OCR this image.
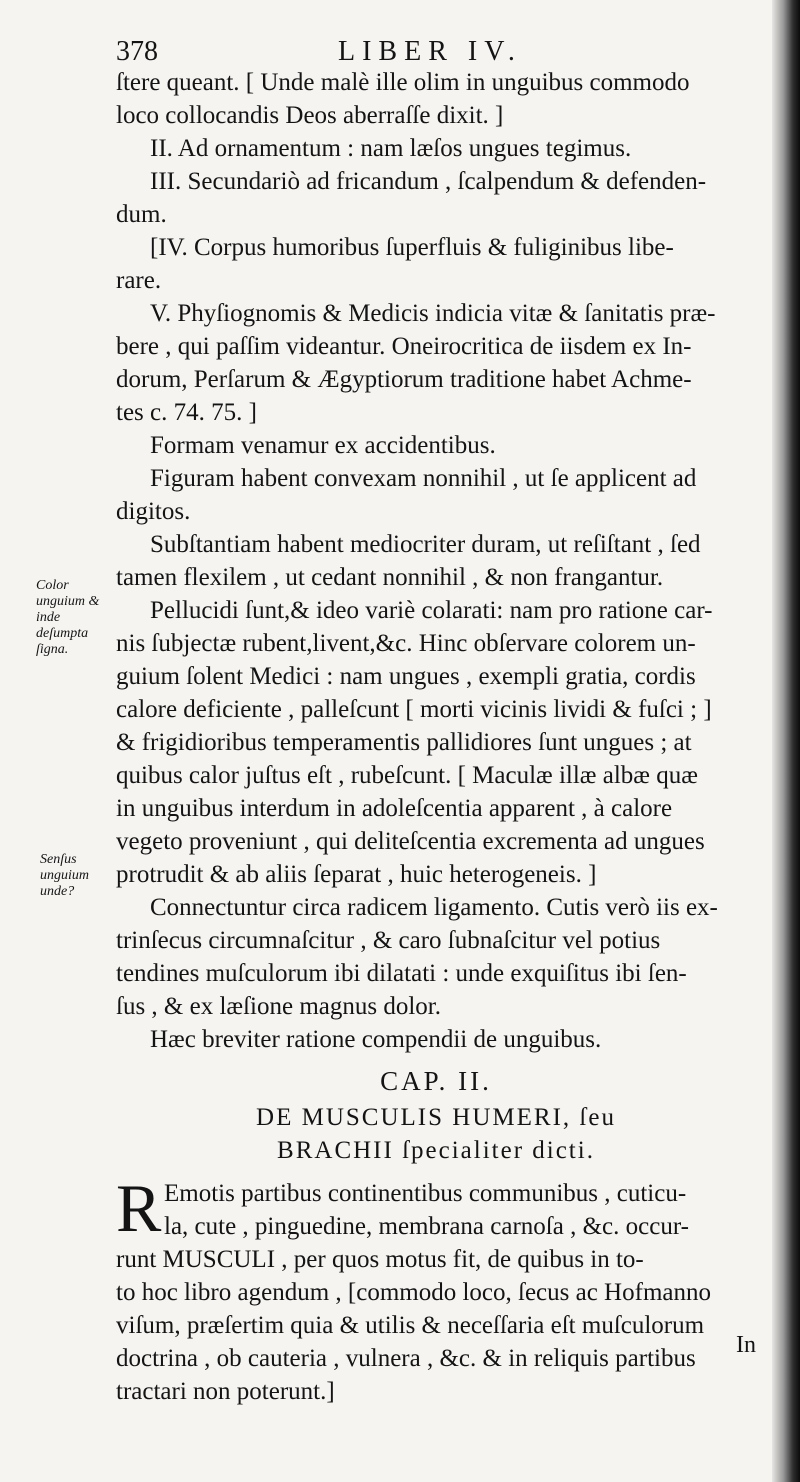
378	LIBER IV.
Color unguium & inde deſumpta ſigna.
Senſus unguium unde?
ſtere queant. [ Unde malè ille olim in unguibus commodo
loco collocandis Deos aberraſſe dixit. ]
II. Ad ornamentum : nam læſos ungues tegimus.
III. Secundariò ad fricandum , ſcalpendum & defenden-
dum.
[IV. Corpus humoribus ſuperfluis & fuliginibus libe-
rare.
V. Phyſiognomis & Medicis indicia vitæ & ſanitatis præ-
bere , qui paſſim videantur. Oneirocritica de iisdem ex In-
dorum, Perſarum & Ægyptiorum traditione habet Achme-
tes c. 74. 75. ]
Formam venamur ex accidentibus.
Figuram habent convexam nonnihil , ut ſe applicent ad
digitos.
Subſtantiam habent mediocriter duram, ut reſiſtant , ſed
tamen flexilem , ut cedant nonnihil , & non frangantur.
Pellucidi ſunt,& ideo variè colarati: nam pro ratione car-
nis ſubjectæ rubent,livent,&c. Hinc obſervare colorem un-
guium ſolent Medici : nam ungues , exempli gratia, cordis
calore deficiente , palleſcunt [ morti vicinis lividi & fuſci ; ]
& frigidioribus temperamentis pallidiores ſunt ungues ; at
quibus calor juſtus eſt , rubeſcunt. [ Maculæ illæ albæ quæ
in unguibus interdum in adoleſcentia apparent , à calore
vegeto proveniunt , qui deliteſcentia excrementa ad ungues
protrudit & ab aliis ſeparat , huic heterogeneis. ]
Connectuntur circa radicem ligamento. Cutis verò iis ex-
trinſecus circumnaſcitur , & caro ſubnaſcitur vel potius
tendines muſculorum ibi dilatati : unde exquiſitus ibi ſen-
ſus , & ex læſione magnus dolor.
Hæc breviter ratione compendii de unguibus.
CAP. II.
DE MUSCULIS HUMERI, ſeu
BRACHII ſpecialiter dicti.
R Emotis partibus continentibus communibus , cuticu-
la, cute , pinguedine, membrana carnoſa , &c. occur-
runt MUSCULI , per quos motus fit, de quibus in to-
to hoc libro agendum , [commodo loco, ſecus ac Hofmanno
viſum, præſertim quia & utilis & neceſſaria eſt muſculorum
doctrina , ob cauteria , vulnera , &c. & in reliquis partibus
tractari non poterunt.]
In
